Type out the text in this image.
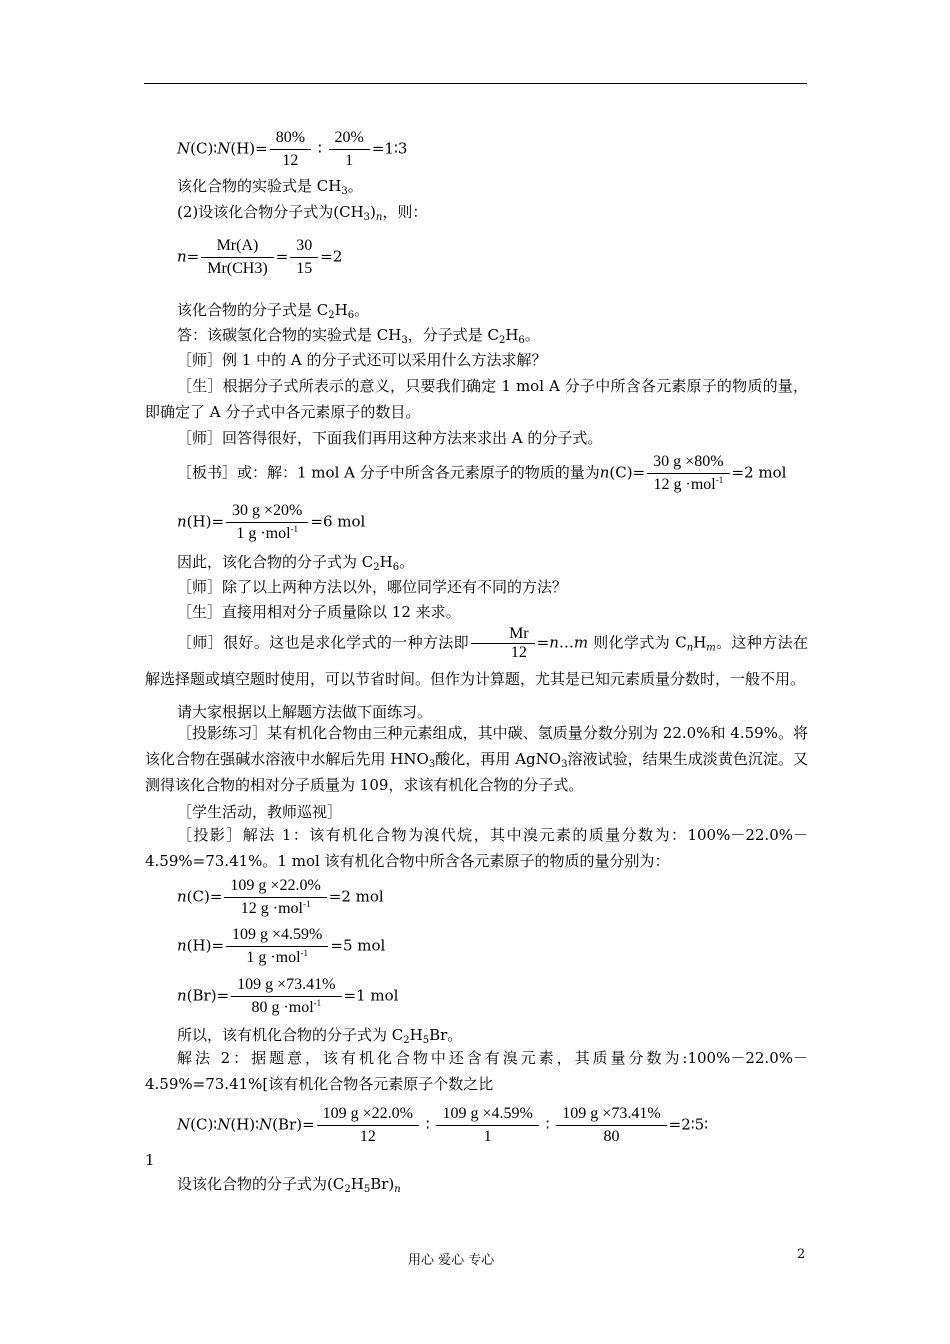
N(C)∶N(H)= $\frac{80\%}{12}$ ∶ $\frac{20\%}{1}$ =1∶3
该化合物的实验式是 $CH_3$。
(2)设该化合物分子式为$(CH_3)_n$，则：
$n= \frac{Mr(A)}{Mr(CH3)} = \frac{30}{15} =2$
该化合物的分子式是 $C_2H_6$。
答：该碳氢化合物的实验式是 $CH_3$，分子式是 $C_2H_6$。
［师］例 1 中的 A 的分子式还可以采用什么方法求解？
［生］根据分子式所表示的意义，只要我们确定 1 mol A 分子中所含各元素原子的物质的量，即确定了 A 分子式中各元素原子的数目。
［师］回答得很好，下面我们再用这种方法来求出 A 的分子式。
［板书］或：解：1 mol A 分子中所含各元素原子的物质的量为$n(C)= \frac{30 g \times 80\%}{12 g \cdot mol^{-1}} =2$ mol
$n(H)= \frac{30 g \times 20\%}{1 g \cdot mol^{-1}} =6$ mol
因此，该化合物的分子式为 $C_2H_6$。
［师］除了以上两种方法以外，哪位同学还有不同的方法？
［生］直接用相对分子质量除以 12 来求。
［师］很好。这也是求化学式的一种方法即 $\frac{Mr}{12}$ =n…m 则化学式为 $C_nH_m$。这种方法在解选择题或填空题时使用，可以节省时间。但作为计算题，尤其是已知元素质量分数时，一般不用。
请大家根据以上解题方法做下面练习。
［投影练习］某有机化合物由三种元素组成，其中碳、氢质量分数分别为 22.0%和 4.59%。将该化合物在强碱水溶液中水解后先用 $HNO_3$酸化，再用 AgNO$_3$溶液试验，结果生成淡黄色沉淀。又测得该化合物的相对分子质量为 109，求该有机化合物的分子式。
［学生活动，教师巡视］
［投影］解法 1：该有机化合物为溴代烷，其中溴元素的质量分数为：100%－22.0%－4.59%=73.41%。1 mol 该有机化合物中所含各元素原子的物质的量分别为：
$n(C)= \frac{109 g \times 22.0\%}{12 g \cdot mol^{-1}} =2$ mol
$n(H)= \frac{109 g \times 4.59\%}{1 g \cdot mol^{-1}} =5$ mol
$n(Br)= \frac{109 g \times 73.41\%}{80 g \cdot mol^{-1}} =1$ mol
所以，该有机化合物的分子式为 $C_2H_5Br$。
解法 2：据题意，该有机化合物中还含有溴元素，其质量分数为:100%－22.0%－4.59%=73.41%[该有机化合物各元素原子个数之比
N(C)∶N(H)∶N(Br)= $\frac{109 g \times 22.0\%}{12}$ ∶ $\frac{109 g \times 4.59\%}{1}$ ∶ $\frac{109 g \times 73.41\%}{80}$ =2∶5∶
1
设该化合物的分子式为$(C_2H_5Br)_n$
用心 爱心 专心	2
